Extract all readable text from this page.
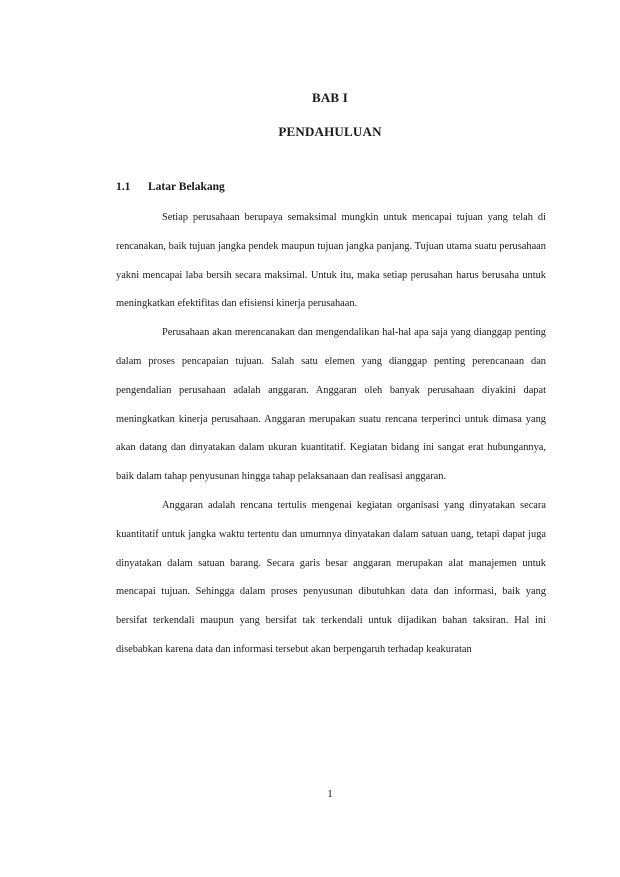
BAB I
PENDAHULUAN
1.1 Latar Belakang

Setiap perusahaan berupaya semaksimal mungkin untuk mencapai tujuan yang telah di rencanakan, baik tujuan jangka pendek maupun tujuan jangka panjang. Tujuan utama suatu perusahaan yakni mencapai laba bersih secara maksimal. Untuk itu, maka setiap perusahan harus berusaha untuk meningkatkan efektifitas dan efisiensi kinerja perusahaan.

Perusahaan akan merencanakan dan mengendalikan hal-hal apa saja yang dianggap penting dalam proses pencapaian tujuan. Salah satu elemen yang dianggap penting perencanaan dan pengendalian perusahaan adalah anggaran. Anggaran oleh banyak perusahaan diyakini dapat meningkatkan kinerja perusahaan. Anggaran merupakan suatu rencana terperinci untuk dimasa yang akan datang dan dinyatakan dalam ukuran kuantitatif. Kegiatan bidang ini sangat erat hubungannya, baik dalam tahap penyusunan hingga tahap pelaksanaan dan realisasi anggaran.

Anggaran adalah rencana tertulis mengenai kegiatan organisasi yang dinyatakan secara kuantitatif untuk jangka waktu tertentu dan umumnya dinyatakan dalam satuan uang, tetapi dapat juga dinyatakan dalam satuan barang. Secara garis besar anggaran merupakan alat manajemen untuk mencapai tujuan. Sehingga dalam proses penyusunan dibutuhkan data dan informasi, baik yang bersifat terkendali maupun yang bersifat tak terkendali untuk dijadikan bahan taksiran. Hal ini disebabkan karena data dan informasi tersebut akan berpengaruh terhadap keakuratan

1
